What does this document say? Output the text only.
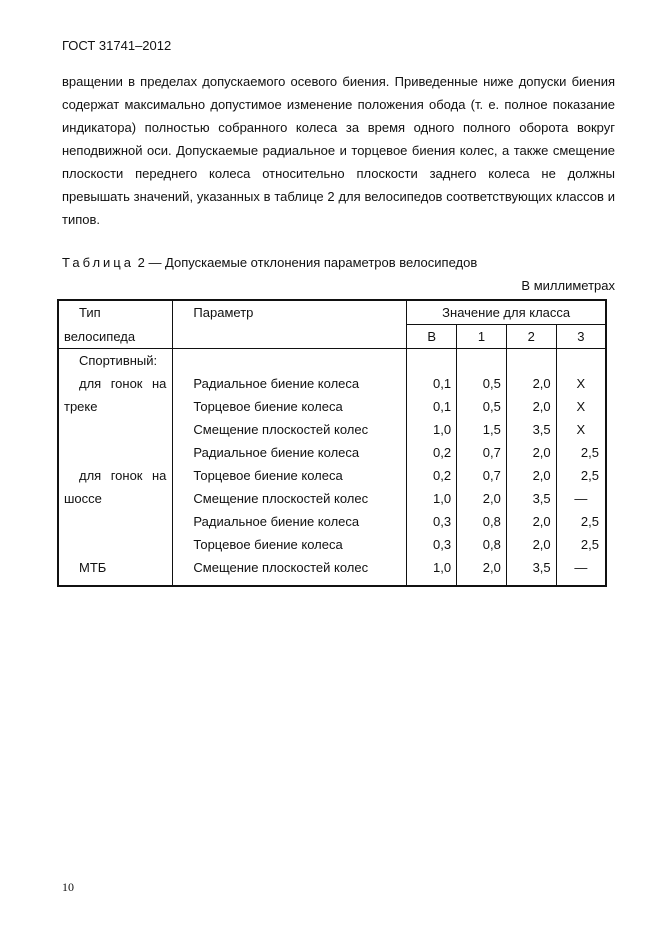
ГОСТ 31741–2012
вращении в пределах допускаемого осевого биения. Приведенные ниже допуски биения содержат максимально допустимое изменение положения обода (т. е. полное показание индикатора) полностью собранного колеса за время одного полного оборота вокруг неподвижной оси. Допускаемые радиальное и торцевое биения колес, а также смещение плоскости переднего колеса относительно плоскости заднего колеса не должны превышать значений, указанных в таблице 2 для велосипедов соответствующих классов и типов.
Таблица 2 — Допускаемые отклонения параметров велосипедов
В миллиметрах
Тип	Параметр	Значение для класса			
велосипеда		В	1	2	3
Спортивный:					
для гонок на	Радиальное биение колеса	0,1	0,5	2,0	Х
треке	Торцевое биение колеса	0,1	0,5	2,0	Х
	Смещение плоскостей колес	1,0	1,5	3,5	Х
	Радиальное биение колеса	0,2	0,7	2,0	2,5
для гонок на	Торцевое биение колеса	0,2	0,7	2,0	2,5
шоссе	Смещение плоскостей колес	1,0	2,0	3,5	—
	Радиальное биение колеса	0,3	0,8	2,0	2,5
	Торцевое биение колеса	0,3	0,8	2,0	2,5
МТБ	Смещение плоскостей колес	1,0	2,0	3,5	—
10
